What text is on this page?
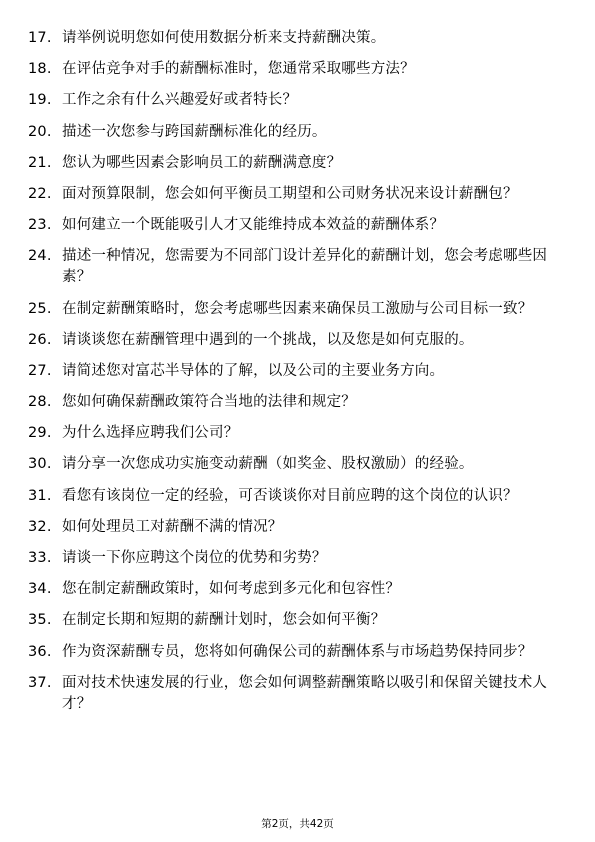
17. 请举例说明您如何使用数据分析来支持薪酬决策。
18. 在评估竞争对手的薪酬标准时，您通常采取哪些方法？
19. 工作之余有什么兴趣爱好或者特长？
20. 描述一次您参与跨国薪酬标准化的经历。
21. 您认为哪些因素会影响员工的薪酬满意度？
22. 面对预算限制，您会如何平衡员工期望和公司财务状况来设计薪酬包？
23. 如何建立一个既能吸引人才又能维持成本效益的薪酬体系？
24. 描述一种情况，您需要为不同部门设计差异化的薪酬计划，您会考虑哪些因素？
25. 在制定薪酬策略时，您会考虑哪些因素来确保员工激励与公司目标一致？
26. 请谈谈您在薪酬管理中遇到的一个挑战，以及您是如何克服的。
27. 请简述您对富芯半导体的了解，以及公司的主要业务方向。
28. 您如何确保薪酬政策符合当地的法律和规定？
29. 为什么选择应聘我们公司？
30. 请分享一次您成功实施变动薪酬（如奖金、股权激励）的经验。
31. 看您有该岗位一定的经验，可否谈谈你对目前应聘的这个岗位的认识？
32. 如何处理员工对薪酬不满的情况？
33. 请谈一下你应聘这个岗位的优势和劣势？
34. 您在制定薪酬政策时，如何考虑到多元化和包容性？
35. 在制定长期和短期的薪酬计划时，您会如何平衡？
36. 作为资深薪酬专员，您将如何确保公司的薪酬体系与市场趋势保持同步？
37. 面对技术快速发展的行业，您会如何调整薪酬策略以吸引和保留关键技术人才？
第2页，共42页
